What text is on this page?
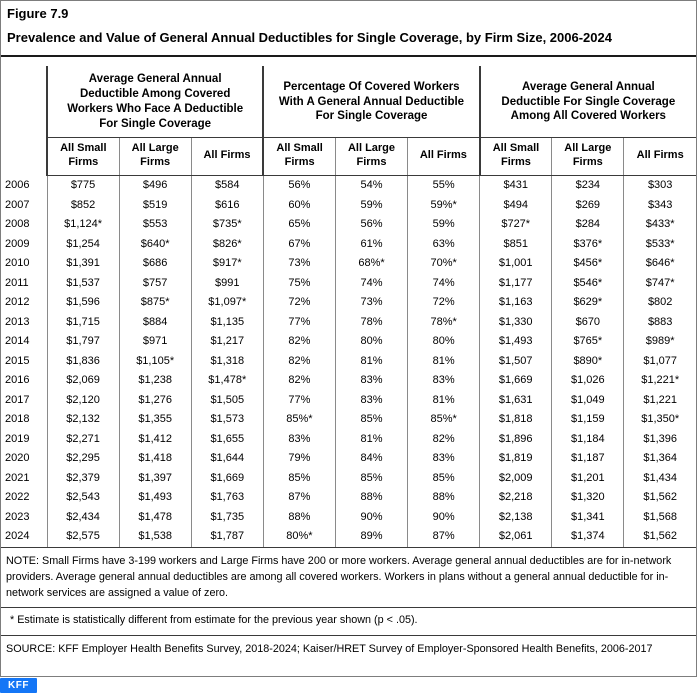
Figure 7.9
Prevalence and Value of General Annual Deductibles for Single Coverage, by Firm Size, 2006-2024

Average General Annual
Deductible Among Covered
Workers Who Face A Deductible
For Single Coverage

Percentage Of Covered Workers
With A General Annual Deductible
For Single Coverage

Average General Annual
Deductible For Single Coverage
Among All Covered Workers

	All Small Firms	All Large Firms	All Firms	All Small Firms	All Large Firms	All Firms	All Small Firms	All Large Firms	All Firms
2006	$775	$496	$584	56%	54%	55%	$431	$234	$303
2007	$852	$519	$616	60%	59%	59%*	$494	$269	$343
2008	$1,124*	$553	$735*	65%	56%	59%	$727*	$284	$433*
2009	$1,254	$640*	$826*	67%	61%	63%	$851	$376*	$533*
2010	$1,391	$686	$917*	73%	68%*	70%*	$1,001	$456*	$646*
2011	$1,537	$757	$991	75%	74%	74%	$1,177	$546*	$747*
2012	$1,596	$875*	$1,097*	72%	73%	72%	$1,163	$629*	$802
2013	$1,715	$884	$1,135	77%	78%	78%*	$1,330	$670	$883
2014	$1,797	$971	$1,217	82%	80%	80%	$1,493	$765*	$989*
2015	$1,836	$1,105*	$1,318	82%	81%	81%	$1,507	$890*	$1,077
2016	$2,069	$1,238	$1,478*	82%	83%	83%	$1,669	$1,026	$1,221*
2017	$2,120	$1,276	$1,505	77%	83%	81%	$1,631	$1,049	$1,221
2018	$2,132	$1,355	$1,573	85%*	85%	85%*	$1,818	$1,159	$1,350*
2019	$2,271	$1,412	$1,655	83%	81%	82%	$1,896	$1,184	$1,396
2020	$2,295	$1,418	$1,644	79%	84%	83%	$1,819	$1,187	$1,364
2021	$2,379	$1,397	$1,669	85%	85%	85%	$2,009	$1,201	$1,434
2022	$2,543	$1,493	$1,763	87%	88%	88%	$2,218	$1,320	$1,562
2023	$2,434	$1,478	$1,735	88%	90%	90%	$2,138	$1,341	$1,568
2024	$2,575	$1,538	$1,787	80%*	89%	87%	$2,061	$1,374	$1,562
NOTE: Small Firms have 3-199 workers and Large Firms have 200 or more workers. Average general annual deductibles are for in-network providers. Average general annual deductibles are among all covered workers. Workers in plans without a general annual deductible for in-network services are assigned a value of zero.
* Estimate is statistically different from estimate for the previous year shown (p < .05).
SOURCE: KFF Employer Health Benefits Survey, 2018-2024; Kaiser/HRET Survey of Employer-Sponsored Health Benefits, 2006-2017
KFF
